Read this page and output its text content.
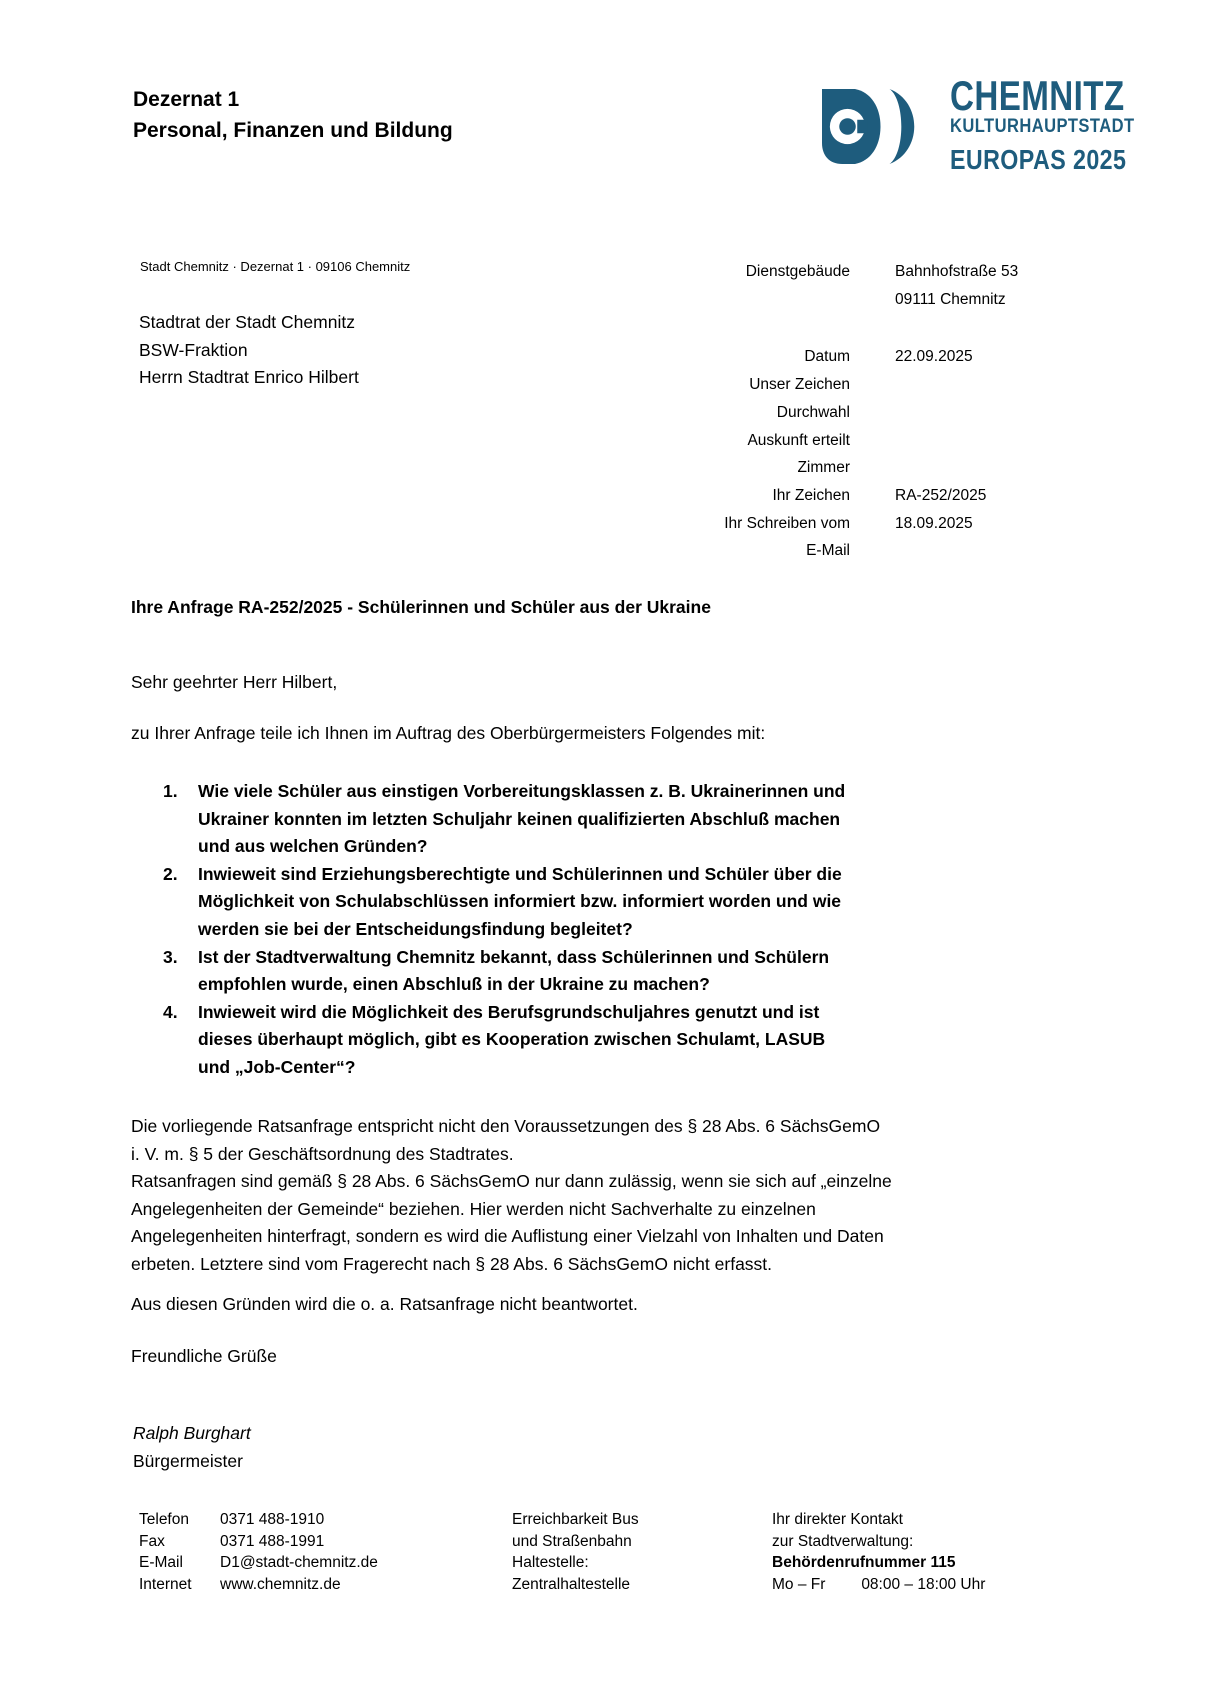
Dezernat 1
Personal, Finanzen und Bildung
CHEMNITZ
KULTURHAUPTSTADT
EUROPAS 2025
Stadt Chemnitz · Dezernat 1 · 09106 Chemnitz
Stadtrat der Stadt Chemnitz
BSW-Fraktion
Herrn Stadtrat Enrico Hilbert
Dienstgebäude	Bahnhofstraße 53
09111 Chemnitz
Datum	22.09.2025
Unser Zeichen
Durchwahl
Auskunft erteilt
Zimmer
Ihr Zeichen	RA-252/2025
Ihr Schreiben vom	18.09.2025
E-Mail
Ihre Anfrage RA-252/2025 - Schülerinnen und Schüler aus der Ukraine
Sehr geehrter Herr Hilbert,
zu Ihrer Anfrage teile ich Ihnen im Auftrag des Oberbürgermeisters Folgendes mit:
1.	Wie viele Schüler aus einstigen Vorbereitungsklassen z. B. Ukrainerinnen und
Ukrainer konnten im letzten Schuljahr keinen qualifizierten Abschluß machen
und aus welchen Gründen?
2.	Inwieweit sind Erziehungsberechtigte und Schülerinnen und Schüler über die
Möglichkeit von Schulabschlüssen informiert bzw. informiert worden und wie
werden sie bei der Entscheidungsfindung begleitet?
3.	Ist der Stadtverwaltung Chemnitz bekannt, dass Schülerinnen und Schülern
empfohlen wurde, einen Abschluß in der Ukraine zu machen?
4.	Inwieweit wird die Möglichkeit des Berufsgrundschuljahres genutzt und ist
dieses überhaupt möglich, gibt es Kooperation zwischen Schulamt, LASUB
und „Job-Center“?
Die vorliegende Ratsanfrage entspricht nicht den Voraussetzungen des § 28 Abs. 6 SächsGemO
i. V. m. § 5 der Geschäftsordnung des Stadtrates.
Ratsanfragen sind gemäß § 28 Abs. 6 SächsGemO nur dann zulässig, wenn sie sich auf „einzelne
Angelegenheiten der Gemeinde“ beziehen. Hier werden nicht Sachverhalte zu einzelnen
Angelegenheiten hinterfragt, sondern es wird die Auflistung einer Vielzahl von Inhalten und Daten
erbeten. Letztere sind vom Fragerecht nach § 28 Abs. 6 SächsGemO nicht erfasst.
Aus diesen Gründen wird die o. a. Ratsanfrage nicht beantwortet.
Freundliche Grüße
Ralph Burghart
Bürgermeister
Telefon	0371 488-1910
Fax	0371 488-1991
E-Mail	D1@stadt-chemnitz.de
Internet	www.chemnitz.de
Erreichbarkeit Bus
und Straßenbahn
Haltestelle:
Zentralhaltestelle
Ihr direkter Kontakt
zur Stadtverwaltung:
Behördenrufnummer 115
Mo – Fr 08:00 – 18:00 Uhr
